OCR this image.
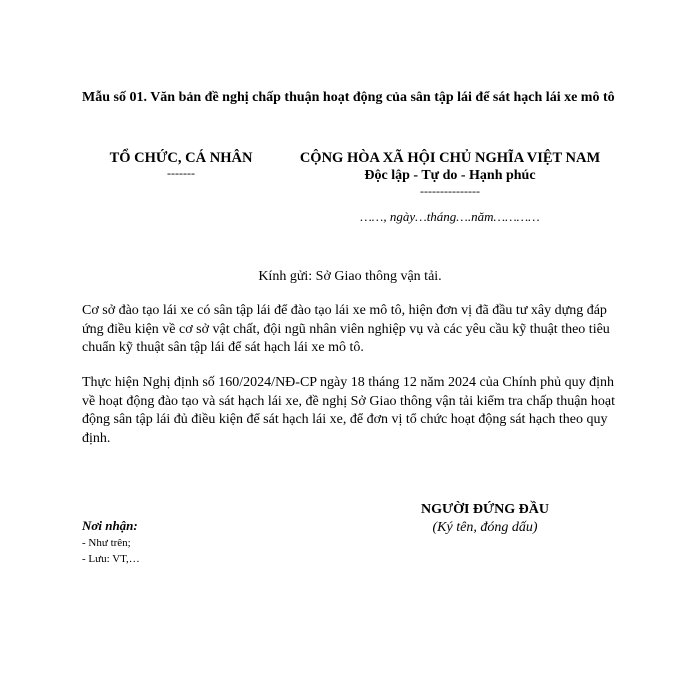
Mẫu số 01. Văn bản đề nghị chấp thuận hoạt động của sân tập lái để sát hạch lái xe mô tô
TỔ CHỨC, CÁ NHÂN
-------
CỘNG HÒA XÃ HỘI CHỦ NGHĨA VIỆT NAM
Độc lập - Tự do - Hạnh phúc
---------------
……, ngày…tháng….năm…………
Kính gửi: Sở Giao thông vận tải.
Cơ sở đào tạo lái xe có sân tập lái để đào tạo lái xe mô tô, hiện đơn vị đã đầu tư xây dựng đáp ứng điều kiện về cơ sở vật chất, đội ngũ nhân viên nghiệp vụ và các yêu cầu kỹ thuật theo tiêu chuẩn kỹ thuật sân tập lái để sát hạch lái xe mô tô.
Thực hiện Nghị định số 160/2024/NĐ-CP ngày 18 tháng 12 năm 2024 của Chính phủ quy định về hoạt động đào tạo và sát hạch lái xe, đề nghị Sở Giao thông vận tải kiểm tra chấp thuận hoạt động sân tập lái đủ điều kiện để sát hạch lái xe, để đơn vị tổ chức hoạt động sát hạch theo quy định.
NGƯỜI ĐỨNG ĐẦU
(Ký tên, đóng dấu)
Nơi nhận:
- Như trên;
- Lưu: VT,…
